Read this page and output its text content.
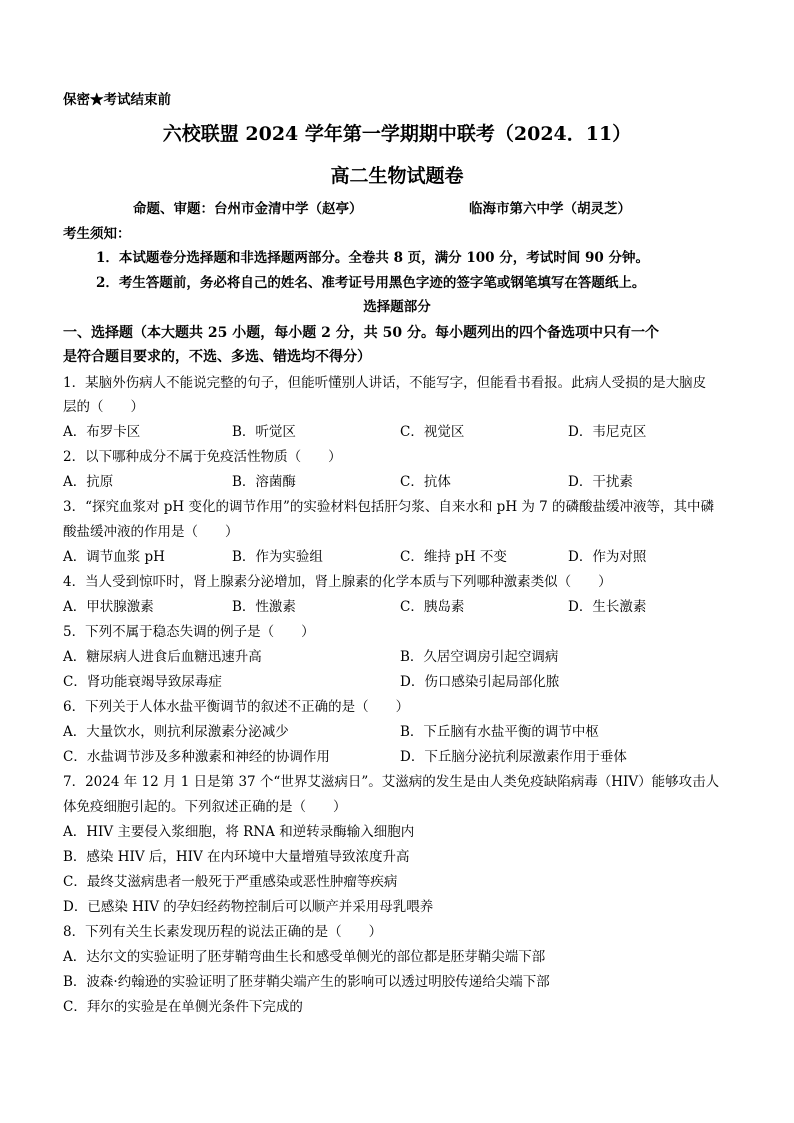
保密★考试结束前
六校联盟 2024 学年第一学期期中联考（2024．11）
高二生物试题卷
命题、审题：台州市金清中学（赵亭）	临海市第六中学（胡灵芝）
考生须知：
1．本试题卷分选择题和非选择题两部分。全卷共 8 页，满分 100 分，考试时间 90 分钟。
2．考生答题前，务必将自己的姓名、准考证号用黑色字迹的签字笔或钢笔填写在答题纸上。
选择题部分
一、选择题（本大题共 25 小题，每小题 2 分，共 50 分。每小题列出的四个备选项中只有一个
是符合题目要求的，不选、多选、错选均不得分）
1．某脑外伤病人不能说完整的句子，但能听懂别人讲话，不能写字，但能看书看报。此病人受损的是大脑皮
层的（　　）
A．布罗卡区	B．听觉区	C．视觉区	D．韦尼克区
2．以下哪种成分不属于免疫活性物质（　　）
A．抗原	B．溶菌酶	C．抗体	D．干扰素
3．“探究血浆对 pH 变化的调节作用”的实验材料包括肝匀浆、自来水和 pH 为 7 的磷酸盐缓冲液等，其中磷
酸盐缓冲液的作用是（　　）
A．调节血浆 pH	B．作为实验组	C．维持 pH 不变	D．作为对照
4．当人受到惊吓时，肾上腺素分泌增加，肾上腺素的化学本质与下列哪种激素类似（　　）
A．甲状腺激素	B．性激素	C．胰岛素	D．生长激素
5．下列不属于稳态失调的例子是（　　）
A．糖尿病人进食后血糖迅速升高	B．久居空调房引起空调病
C．肾功能衰竭导致尿毒症	D．伤口感染引起局部化脓
6．下列关于人体水盐平衡调节的叙述不正确的是（　　）
A．大量饮水，则抗利尿激素分泌减少	B．下丘脑有水盐平衡的调节中枢
C．水盐调节涉及多种激素和神经的协调作用	D．下丘脑分泌抗利尿激素作用于垂体
7．2024 年 12 月 1 日是第 37 个“世界艾滋病日”。艾滋病的发生是由人类免疫缺陷病毒（HIV）能够攻击人
体免疫细胞引起的。下列叙述正确的是（　　）
A．HIV 主要侵入浆细胞，将 RNA 和逆转录酶输入细胞内
B．感染 HIV 后，HIV 在内环境中大量增殖导致浓度升高
C．最终艾滋病患者一般死于严重感染或恶性肿瘤等疾病
D．已感染 HIV 的孕妇经药物控制后可以顺产并采用母乳喂养
8．下列有关生长素发现历程的说法正确的是（　　）
A．达尔文的实验证明了胚芽鞘弯曲生长和感受单侧光的部位都是胚芽鞘尖端下部
B．波森·约翰逊的实验证明了胚芽鞘尖端产生的影响可以透过明胶传递给尖端下部
C．拜尔的实验是在单侧光条件下完成的
